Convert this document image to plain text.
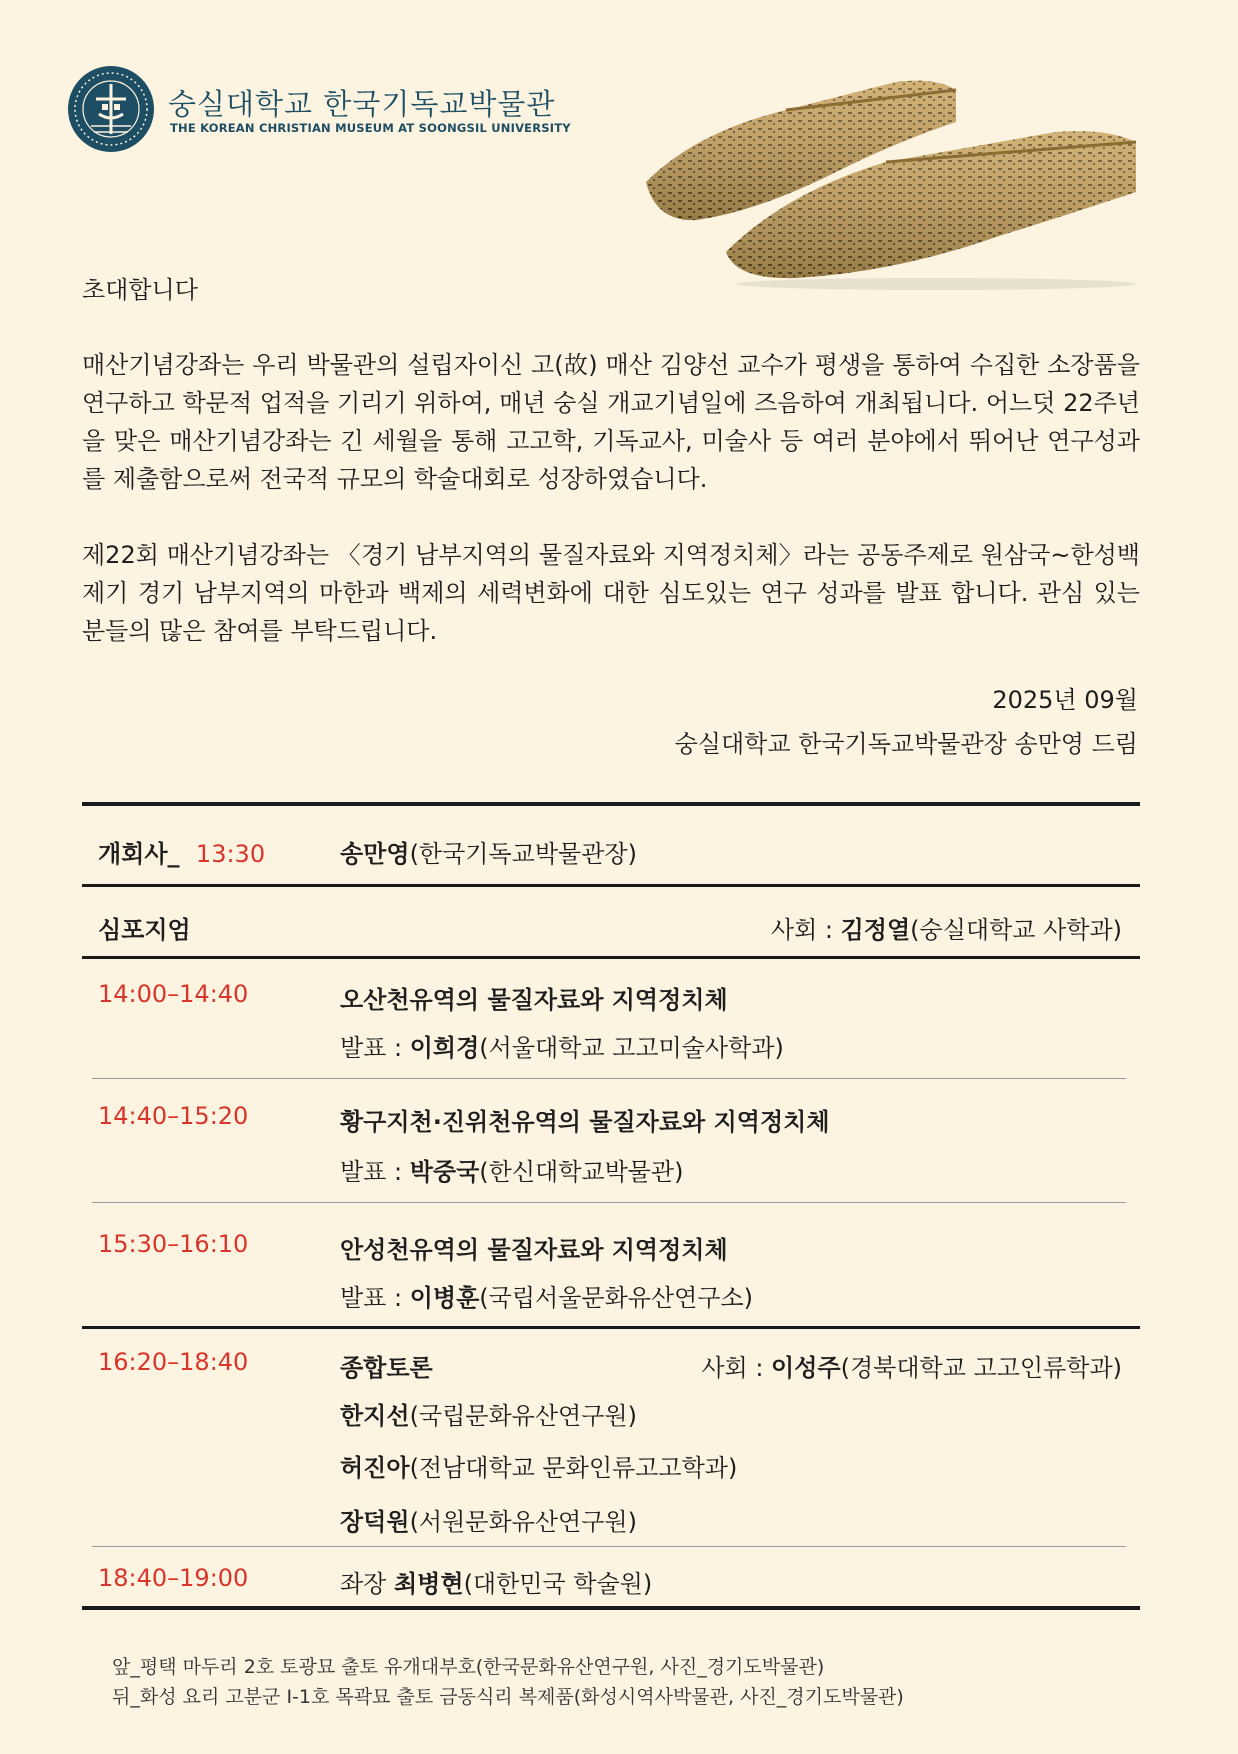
숭실대학교 한국기독교박물관
THE KOREAN CHRISTIAN MUSEUM AT SOONGSIL UNIVERSITY
초대합니다

매산기념강좌는 우리 박물관의 설립자이신 고(故) 매산 김양선 교수가 평생을 통하여 수집한 소장품을 연구하고 학문적 업적을 기리기 위하여, 매년 숭실 개교기념일에 즈음하여 개최됩니다. 어느덧 22주년을 맞은 매산기념강좌는 긴 세월을 통해 고고학, 기독교사, 미술사 등 여러 분야에서 뛰어난 연구성과를 제출함으로써 전국적 규모의 학술대회로 성장하였습니다.

제22회 매산기념강좌는 〈경기 남부지역의 물질자료와 지역정치체〉라는 공동주제로 원삼국~한성백제기 경기 남부지역의 마한과 백제의 세력변화에 대한 심도있는 연구 성과를 발표 합니다. 관심 있는 분들의 많은 참여를 부탁드립니다.

2025년 09월
숭실대학교 한국기독교박물관장 송만영 드림
개회사_ 13:30	송만영(한국기독교박물관장)
심포지엄	사회 : 김정열(숭실대학교 사학과)
14:00–14:40	오산천유역의 물질자료와 지역정치체
발표 : 이희경(서울대학교 고고미술사학과)
14:40–15:20	황구지천·진위천유역의 물질자료와 지역정치체
발표 : 박중국(한신대학교박물관)
15:30–16:10	안성천유역의 물질자료와 지역정치체
발표 : 이병훈(국립서울문화유산연구소)
16:20–18:40	종합토론	사회 : 이성주(경북대학교 고고인류학과)
한지선(국립문화유산연구원)
허진아(전남대학교 문화인류고고학과)
장덕원(서원문화유산연구원)
18:40–19:00	좌장 최병현(대한민국 학술원)
앞_평택 마두리 2호 토광묘 출토 유개대부호(한국문화유산연구원, 사진_경기도박물관)
뒤_화성 요리 고분군 Ⅰ-1호 목곽묘 출토 금동식리 복제품(화성시역사박물관, 사진_경기도박물관)
